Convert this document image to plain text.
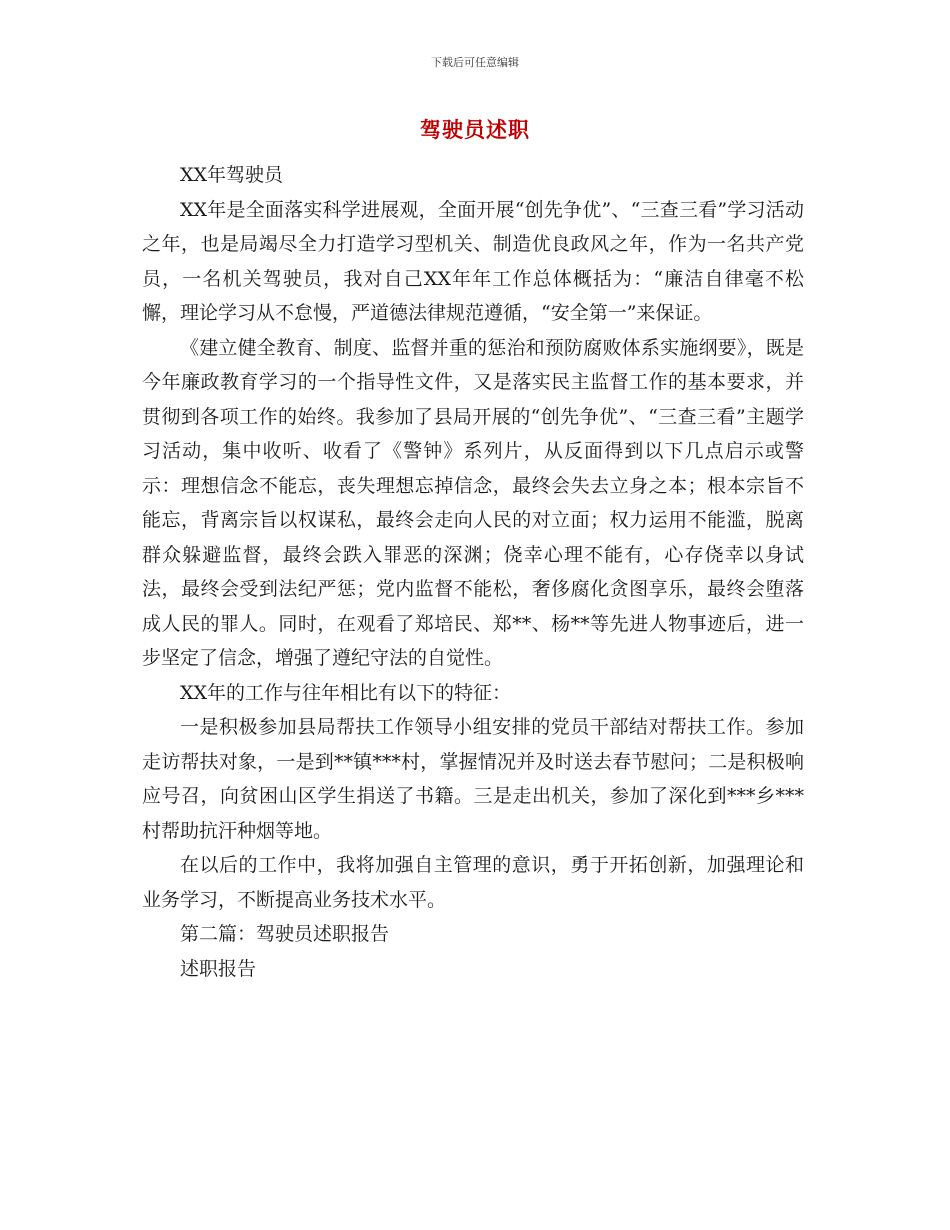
下载后可任意编辑
驾驶员述职

XX年驾驶员

XX年是全面落实科学进展观，全面开展“创先争优”、“三查三看”学习活动之年，也是局竭尽全力打造学习型机关、制造优良政风之年，作为一名共产党员，一名机关驾驶员，我对自己XX年年工作总体概括为：“廉洁自律毫不松懈，理论学习从不怠慢，严道德法律规范遵循，“安全第一”来保证。

《建立健全教育、制度、监督并重的惩治和预防腐败体系实施纲要》，既是今年廉政教育学习的一个指导性文件，又是落实民主监督工作的基本要求，并贯彻到各项工作的始终。我参加了县局开展的“创先争优”、“三查三看”主题学习活动，集中收听、收看了《警钟》系列片，从反面得到以下几点启示或警示：理想信念不能忘，丧失理想忘掉信念，最终会失去立身之本；根本宗旨不能忘，背离宗旨以权谋私，最终会走向人民的对立面；权力运用不能滥，脱离群众躲避监督，最终会跌入罪恶的深渊；侥幸心理不能有，心存侥幸以身试法，最终会受到法纪严惩；党内监督不能松，奢侈腐化贪图享乐，最终会堕落成人民的罪人。同时，在观看了郑培民、郑**、杨**等先进人物事迹后，进一步坚定了信念，增强了遵纪守法的自觉性。

XX年的工作与往年相比有以下的特征：

一是积极参加县局帮扶工作领导小组安排的党员干部结对帮扶工作。参加走访帮扶对象，一是到**镇***村，掌握情况并及时送去春节慰问；二是积极响应号召，向贫困山区学生捐送了书籍。三是走出机关，参加了深化到***乡***村帮助抗汗种烟等地。

在以后的工作中，我将加强自主管理的意识，勇于开拓创新，加强理论和业务学习，不断提高业务技术水平。

第二篇：驾驶员述职报告

述职报告
